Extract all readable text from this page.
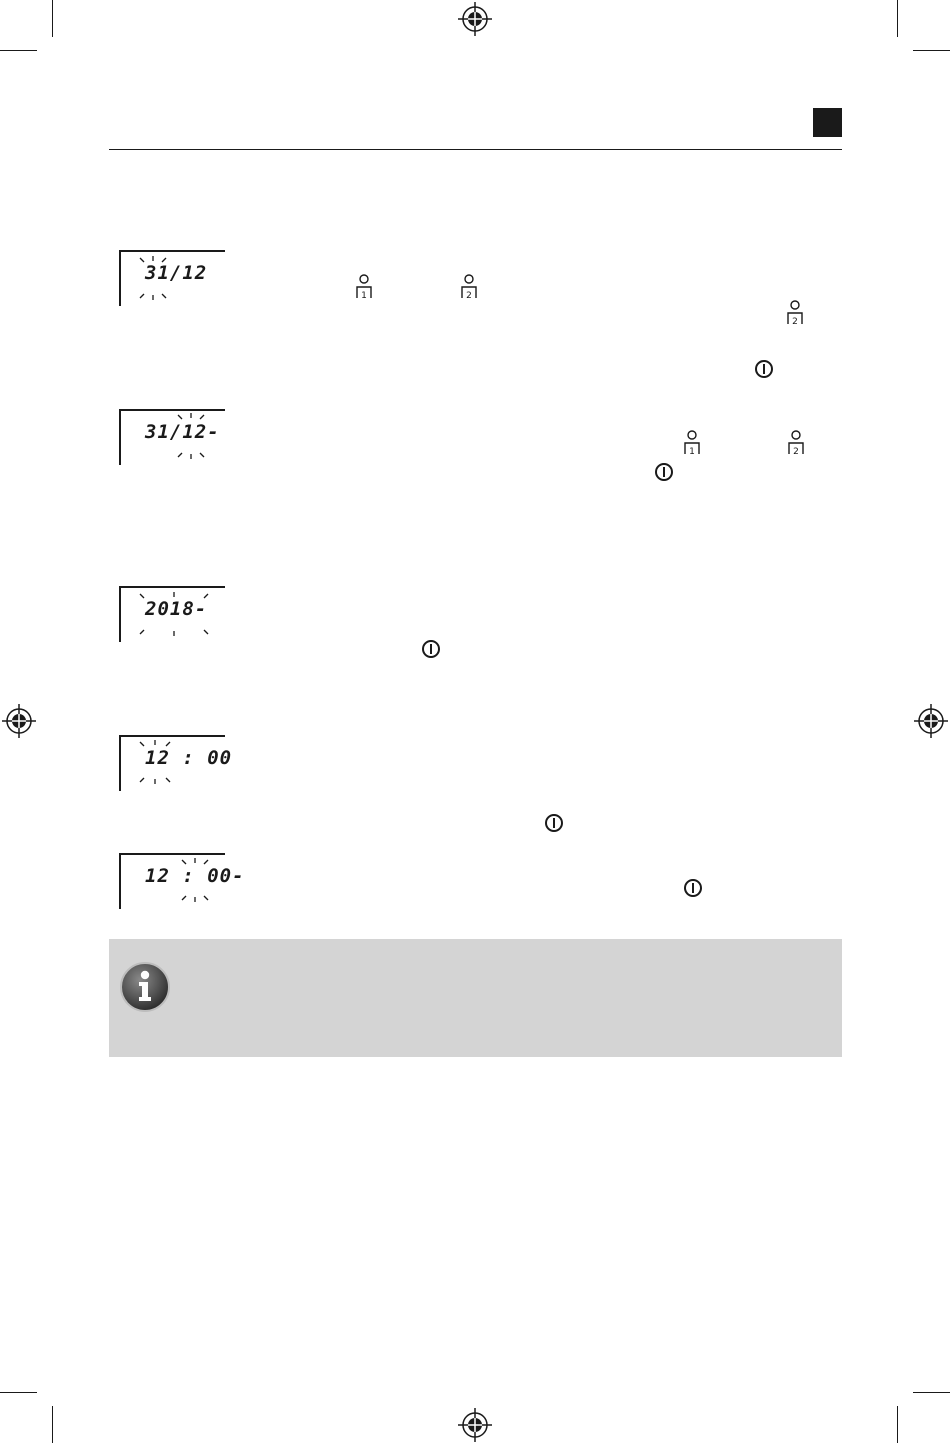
31/12
31/12-
2018-
12 : 00
12 : 00-
1	2
2
1	2
